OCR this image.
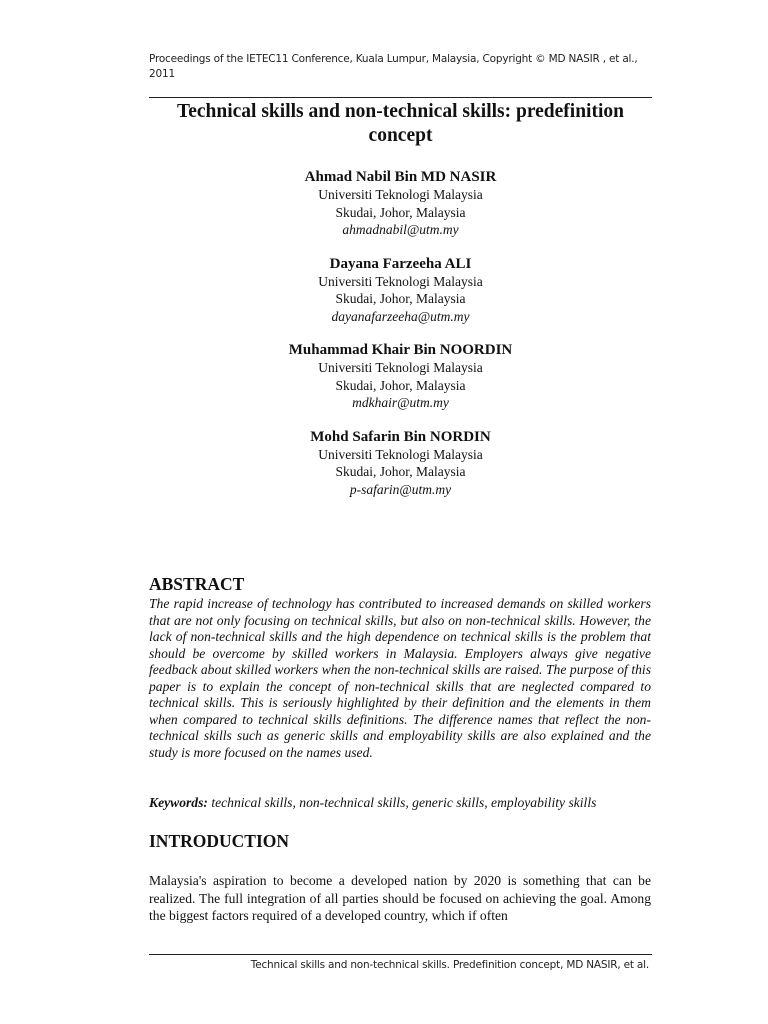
Proceedings of the IETEC11 Conference, Kuala Lumpur, Malaysia, Copyright © MD NASIR , et al., 2011
Technical skills and non-technical skills: predefinition concept
Ahmad Nabil Bin MD NASIR
Universiti Teknologi Malaysia
Skudai, Johor, Malaysia
ahmadnabil@utm.my
Dayana Farzeeha ALI
Universiti Teknologi Malaysia
Skudai, Johor, Malaysia
dayanafarzeeha@utm.my
Muhammad Khair Bin NOORDIN
Universiti Teknologi Malaysia
Skudai, Johor, Malaysia
mdkhair@utm.my
Mohd Safarin Bin NORDIN
Universiti Teknologi Malaysia
Skudai, Johor, Malaysia
p-safarin@utm.my
ABSTRACT
The rapid increase of technology has contributed to increased demands on skilled workers that are not only focusing on technical skills, but also on non-technical skills. However, the lack of non-technical skills and the high dependence on technical skills is the problem that should be overcome by skilled workers in Malaysia. Employers always give negative feedback about skilled workers when the non-technical skills are raised. The purpose of this paper is to explain the concept of non-technical skills that are neglected compared to technical skills. This is seriously highlighted by their definition and the elements in them when compared to technical skills definitions. The difference names that reflect the non-technical skills such as generic skills and employability skills are also explained and the study is more focused on the names used.
Keywords: technical skills, non-technical skills, generic skills, employability skills
INTRODUCTION
Malaysia's aspiration to become a developed nation by 2020 is something that can be realized. The full integration of all parties should be focused on achieving the goal. Among the biggest factors required of a developed country, which if often
Technical skills and non-technical skills. Predefinition concept, MD NASIR, et al.
